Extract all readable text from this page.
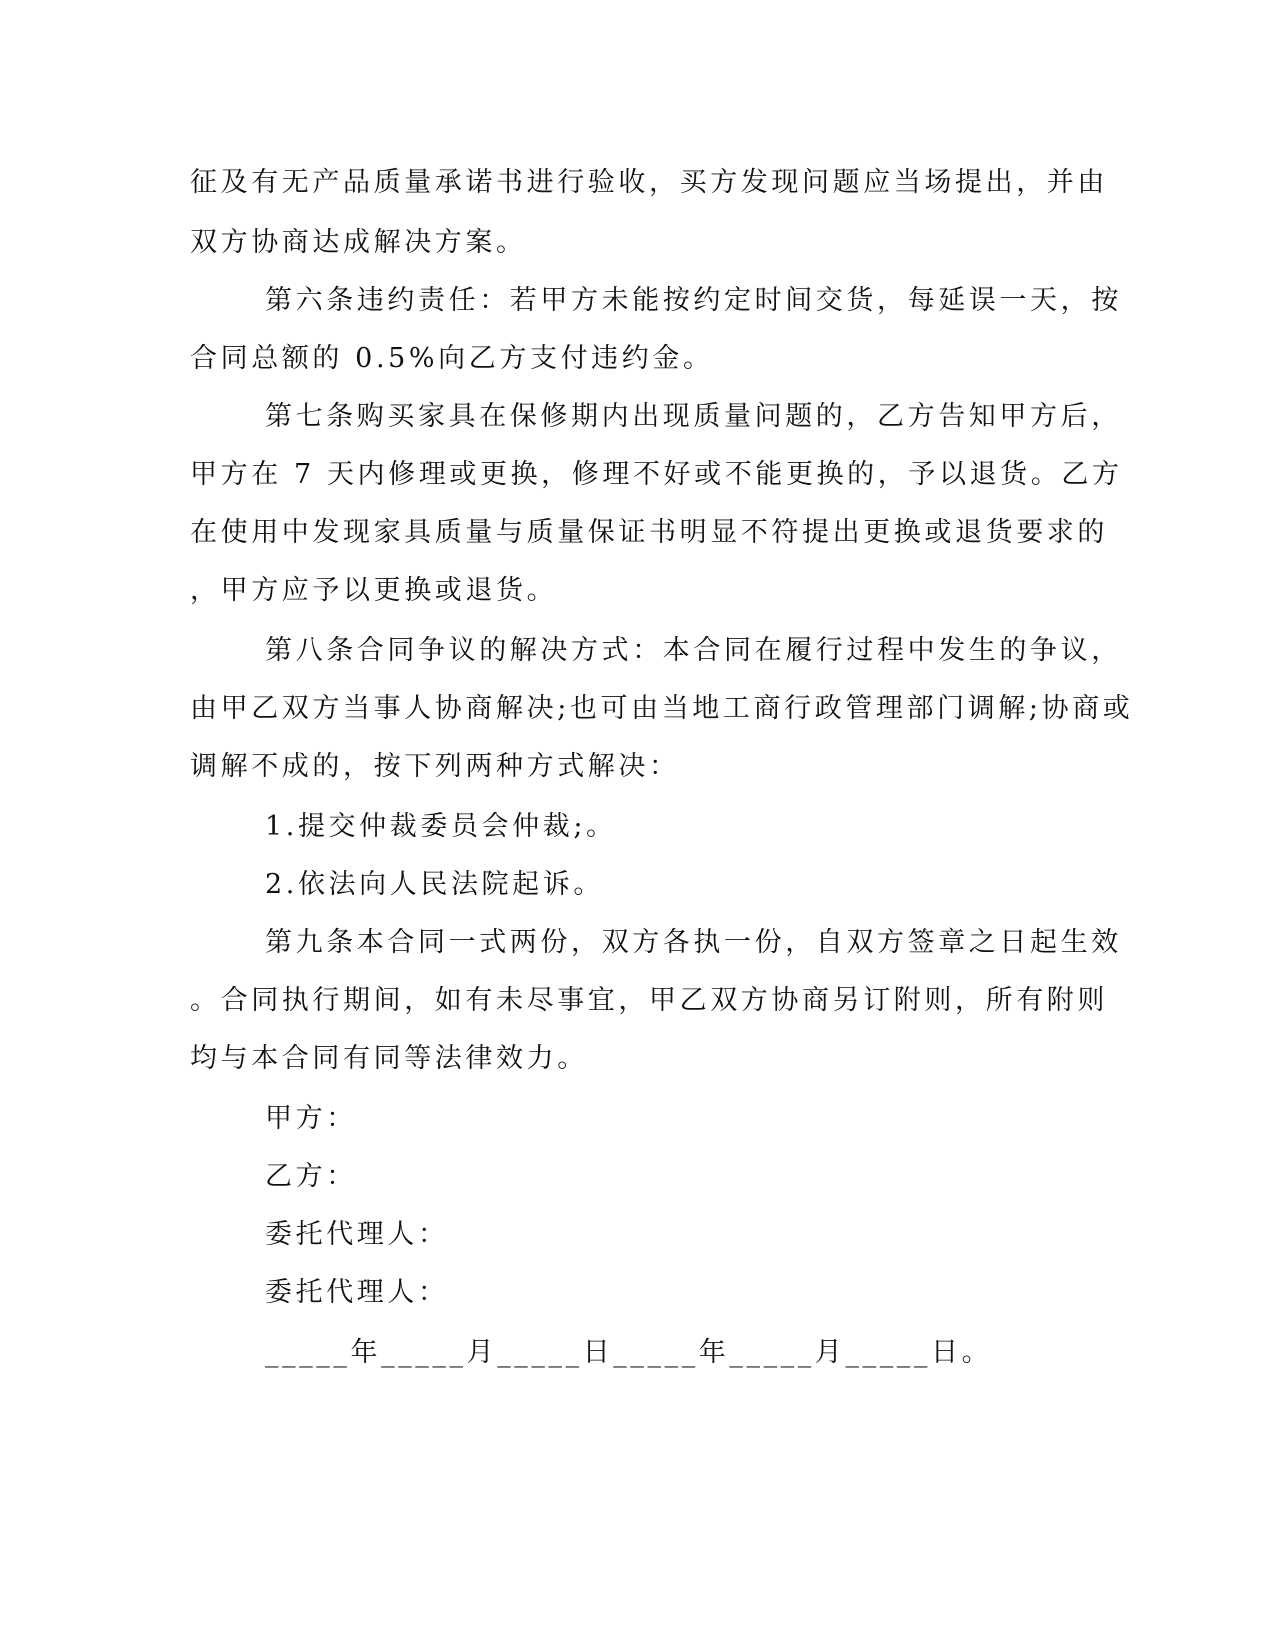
征及有无产品质量承诺书进行验收，买方发现问题应当场提出，并由

双方协商达成解决方案。

第六条违约责任：若甲方未能按约定时间交货，每延误一天，按

合同总额的 0.5%向乙方支付违约金。

第七条购买家具在保修期内出现质量问题的，乙方告知甲方后，

甲方在 7 天内修理或更换，修理不好或不能更换的，予以退货。乙方

在使用中发现家具质量与质量保证书明显不符提出更换或退货要求的

，甲方应予以更换或退货。

第八条合同争议的解决方式：本合同在履行过程中发生的争议，

由甲乙双方当事人协商解决;也可由当地工商行政管理部门调解;协商或

调解不成的，按下列两种方式解决：

1.提交仲裁委员会仲裁;。

2.依法向人民法院起诉。

第九条本合同一式两份，双方各执一份，自双方签章之日起生效

。合同执行期间，如有未尽事宜，甲乙双方协商另订附则，所有附则

均与本合同有同等法律效力。

甲方：

乙方：

委托代理人：

委托代理人：

_____年_____月_____日_____年_____月_____日。
